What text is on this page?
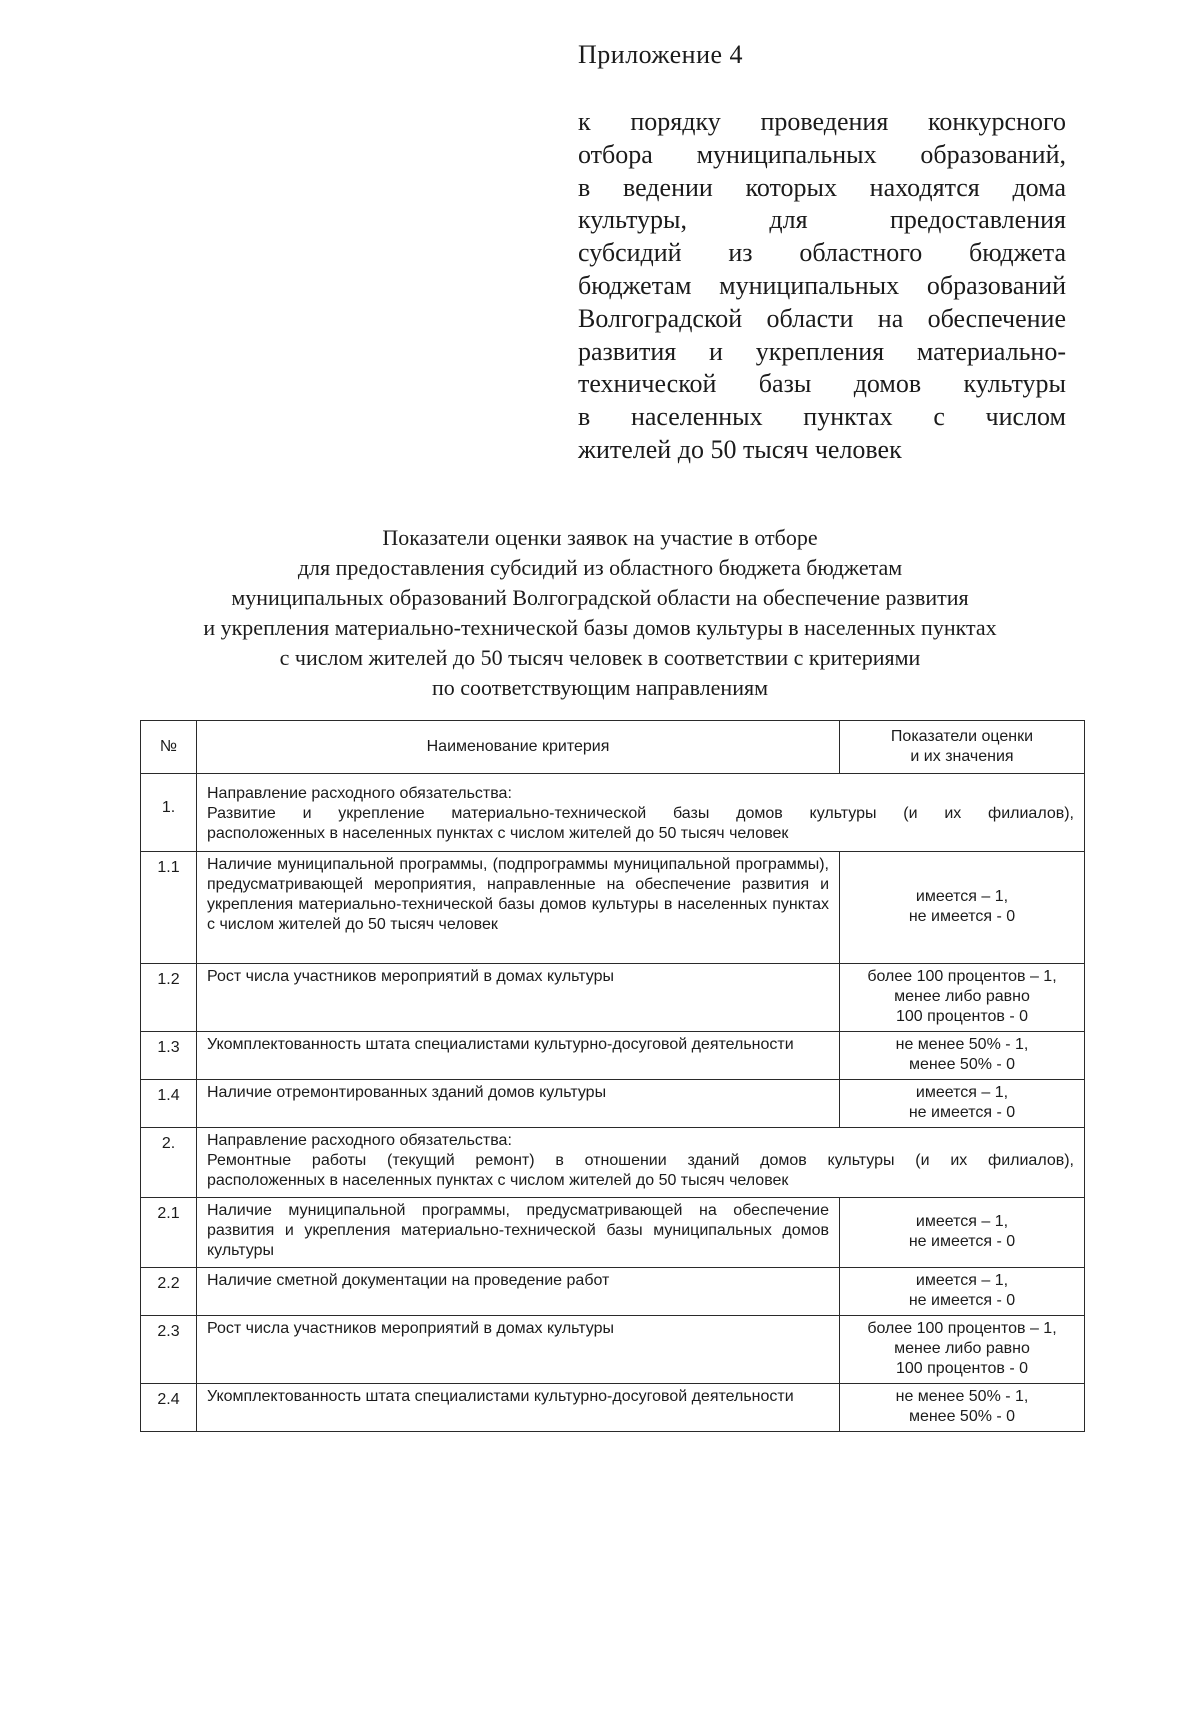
Приложение 4
к порядку проведения конкурсного
отбора муниципальных образований,
в ведении которых находятся дома
культуры, для предоставления
субсидий из областного бюджета
бюджетам муниципальных образований
Волгоградской области на обеспечение
развития и укрепления материально-
технической базы домов культуры
в населенных пунктах с числом
жителей до 50 тысяч человек
Показатели оценки заявок на участие в отборе
для предоставления субсидий из областного бюджета бюджетам
муниципальных образований Волгоградской области на обеспечение развития
и укрепления материально-технической базы домов культуры в населенных пунктах
с числом жителей до 50 тысяч человек в соответствии с критериями
по соответствующим направлениям
№	Наименование критерия	Показатели оценки
и их значения
1.	Направление расходного обязательства:
Развитие и укрепление материально-технической базы домов культуры (и их филиалов),
расположенных в населенных пунктах с числом жителей до 50 тысяч человек	

1.1	Наличие муниципальной программы, (подпрограммы муниципальной программы), предусматривающей мероприятия, направленные на обеспечение развития и укрепления материально-технической базы домов культуры в населенных пунктах с числом жителей до 50 тысяч человек	имеется – 1,
не имеется - 0
1.2	Рост числа участников мероприятий в домах культуры	более 100 процентов – 1,
менее либо равно
100 процентов - 0
1.3	Укомплектованность штата специалистами культурно-досуговой деятельности	не менее 50% - 1,
менее 50% - 0
1.4	Наличие отремонтированных зданий домов культуры	имеется – 1,
не имеется - 0
2.	Направление расходного обязательства:
Ремонтные работы (текущий ремонт) в отношении зданий домов культуры (и их филиалов),
расположенных в населенных пунктах с числом жителей до 50 тысяч человек	

2.1	Наличие муниципальной программы, предусматривающей на обеспечение развития и укрепления материально-технической базы муниципальных домов культуры	имеется – 1,
не имеется - 0
2.2	Наличие сметной документации на проведение работ	имеется – 1,
не имеется - 0
2.3	Рост числа участников мероприятий в домах культуры	более 100 процентов – 1,
менее либо равно
100 процентов - 0
2.4	Укомплектованность штата специалистами культурно-досуговой деятельности	не менее 50% - 1,
менее 50% - 0
